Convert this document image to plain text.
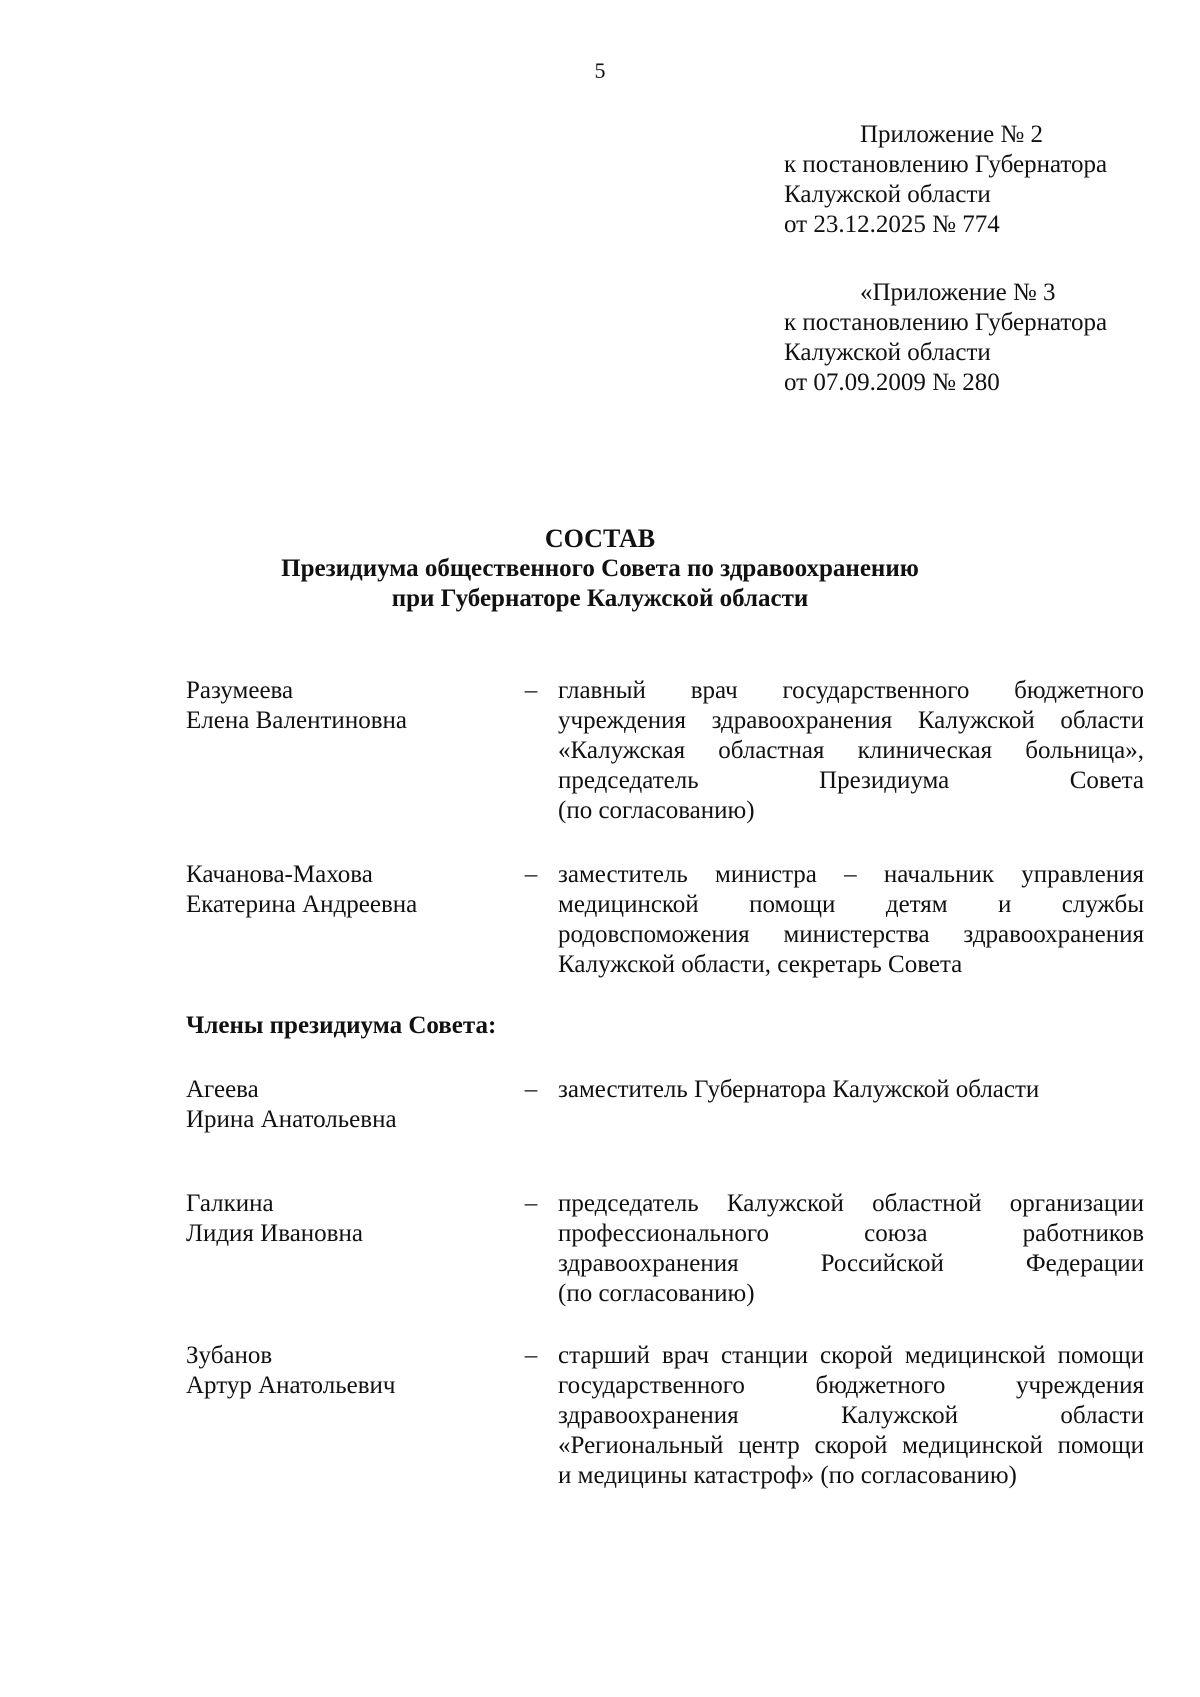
5
Приложение № 2
к постановлению Губернатора
Калужской области
от 23.12.2025 № 774
«Приложение № 3
к постановлению Губернатора
Калужской области
от 07.09.2009 № 280
СОСТАВ
Президиума общественного Совета по здравоохранению
при Губернаторе Калужской области
Разумеева
Елена Валентиновна
– главный врач государственного бюджетного
учреждения здравоохранения Калужской области
«Калужская областная клиническая больница»,
председатель Президиума Совета
(по согласованию)
Качанова-Махова
Екатерина Андреевна
– заместитель министра – начальник управления
медицинской помощи детям и службы
родовспоможения министерства здравоохранения
Калужской области, секретарь Совета
Члены президиума Совета:
Агеева
Ирина Анатольевна
– заместитель Губернатора Калужской области
Галкина
Лидия Ивановна
– председатель Калужской областной организации
профессионального союза работников
здравоохранения Российской Федерации
(по согласованию)
Зубанов
Артур Анатольевич
– старший врач станции скорой медицинской помощи
государственного бюджетного учреждения
здравоохранения Калужской области
«Региональный центр скорой медицинской помощи
и медицины катастроф» (по согласованию)
